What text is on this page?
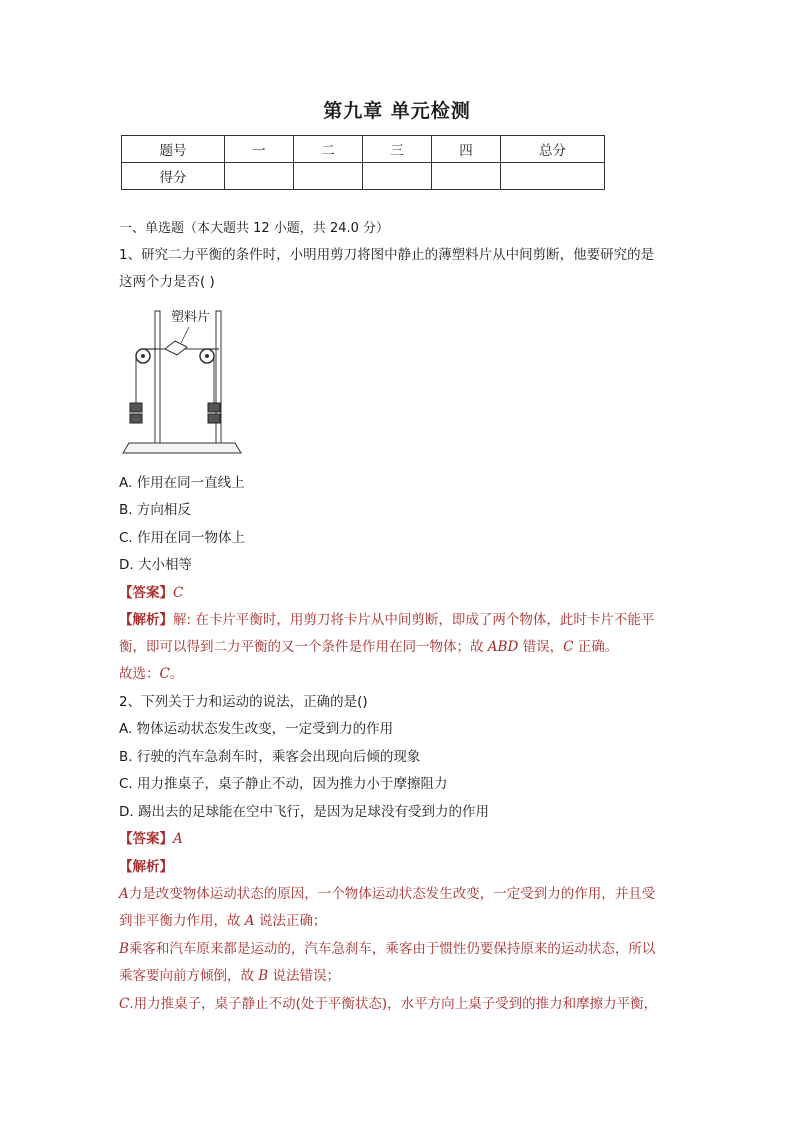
第九章 单元检测
题号	一	二	三	四	总分
得分					
一、单选题（本大题共 12 小题，共 24.0 分）
1、研究二力平衡的条件时，小明用剪刀将图中静止的薄塑料片从中间剪断，他要研究的是
这两个力是否( )
塑料片
A. 作用在同一直线上
B. 方向相反
C. 作用在同一物体上
D. 大小相等
【答案】C
【解析】解: 在卡片平衡时，用剪刀将卡片从中间剪断，即成了两个物体，此时卡片不能平
衡，即可以得到二力平衡的又一个条件是作用在同一物体；故 ABD 错误，C 正确。
故选：C。
2、下列关于力和运动的说法，正确的是()
A. 物体运动状态发生改变，一定受到力的作用
B. 行驶的汽车急刹车时，乘客会出现向后倾的现象
C. 用力推桌子，桌子静止不动，因为推力小于摩擦阻力
D. 踢出去的足球能在空中飞行，是因为足球没有受到力的作用
【答案】A
【解析】
A力是改变物体运动状态的原因，一个物体运动状态发生改变，一定受到力的作用，并且受
到非平衡力作用，故 A 说法正确；
B乘客和汽车原来都是运动的，汽车急刹车，乘客由于惯性仍要保持原来的运动状态，所以
乘客要向前方倾倒，故 B 说法错误；
C.用力推桌子，桌子静止不动(处于平衡状态)，水平方向上桌子受到的推力和摩擦力平衡，
